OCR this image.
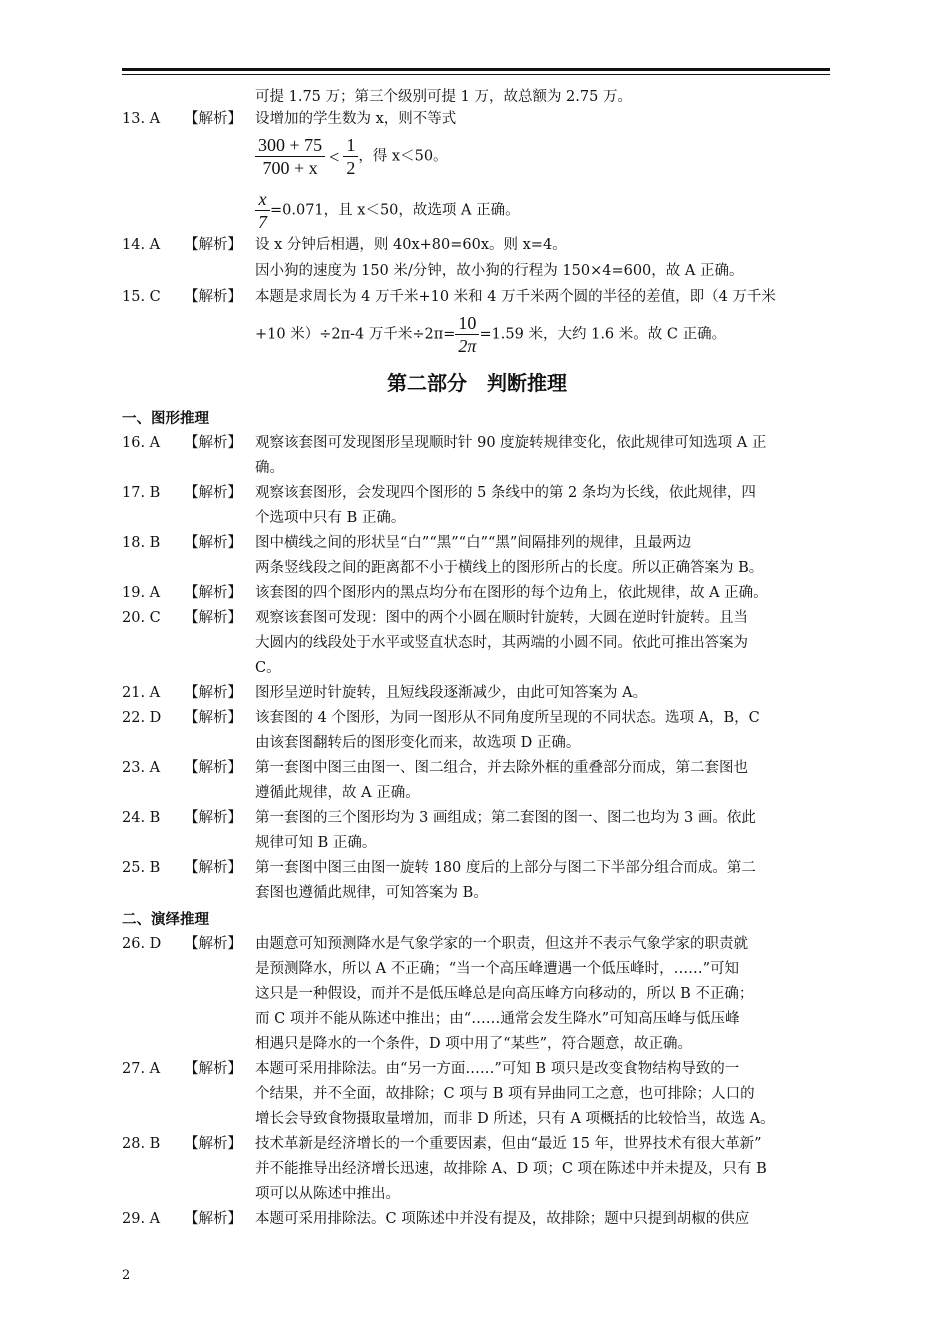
可提 1.75 万；第三个级别可提 1 万，故总额为 2.75 万。
13. A 【解析】 设增加的学生数为 x，则不等式
$\frac{300 + 75}{700 + x} < \frac{1}{2}$ ，得 x＜50。
$\frac{x}{7} =0.071$，且 x＜50，故选项 A 正确。
14. A 【解析】 设 x 分钟后相遇，则 40x+80=60x。则 x=4。
因小狗的速度为 150 米/分钟，故小狗的行程为 150×4=600，故 A 正确。
15. C 【解析】 本题是求周长为 4 万千米+10 米和 4 万千米两个圆的半径的差值，即（4 万千米
+10 米）÷2π-4 万千米$\div 2\pi= \frac{10}{2\pi} =1.59$ 米，大约 1.6 米。故 C 正确。
第二部分 判断推理
一、图形推理
16. A 【解析】 观察该套图可发现图形呈现顺时针 90 度旋转规律变化，依此规律可知选项 A 正
确。
17. B 【解析】 观察该套图形，会发现四个图形的 5 条线中的第 2 条均为长线，依此规律，四
个选项中只有 B 正确。
18. B 【解析】 图中横线之间的形状呈“白”“黑”“白”“黑”间隔排列的规律，且最两边
两条竖线段之间的距离都不小于横线上的图形所占的长度。所以正确答案为 B。
19. A 【解析】 该套图的四个图形内的黑点均分布在图形的每个边角上，依此规律，故 A 正确。
20. C 【解析】 观察该套图可发现：图中的两个小圆在顺时针旋转，大圆在逆时针旋转。且当
大圆内的线段处于水平或竖直状态时，其两端的小圆不同。依此可推出答案为
C。
21. A 【解析】 图形呈逆时针旋转，且短线段逐渐减少，由此可知答案为 A。
22. D 【解析】 该套图的 4 个图形，为同一图形从不同角度所呈现的不同状态。选项 A，B，C
由该套图翻转后的图形变化而来，故选项 D 正确。
23. A 【解析】 第一套图中图三由图一、图二组合，并去除外框的重叠部分而成，第二套图也
遵循此规律，故 A 正确。
24. B 【解析】 第一套图的三个图形均为 3 画组成；第二套图的图一、图二也均为 3 画。依此
规律可知 B 正确。
25. B 【解析】 第一套图中图三由图一旋转 180 度后的上部分与图二下半部分组合而成。第二
套图也遵循此规律，可知答案为 B。
二、演绎推理
26. D 【解析】 由题意可知预测降水是气象学家的一个职责，但这并不表示气象学家的职责就
是预测降水，所以 A 不正确；“当一个高压峰遭遇一个低压峰时，……”可知
这只是一种假设，而并不是低压峰总是向高压峰方向移动的，所以 B 不正确；
而 C 项并不能从陈述中推出；由“……通常会发生降水”可知高压峰与低压峰
相遇只是降水的一个条件，D 项中用了“某些”，符合题意，故正确。
27. A 【解析】 本题可采用排除法。由“另一方面……”可知 B 项只是改变食物结构导致的一
个结果，并不全面，故排除；C 项与 B 项有异曲同工之意，也可排除；人口的
增长会导致食物摄取量增加，而非 D 所述，只有 A 项概括的比较恰当，故选 A。
28. B 【解析】 技术革新是经济增长的一个重要因素，但由“最近 15 年，世界技术有很大革新”
并不能推导出经济增长迅速，故排除 A、D 项；C 项在陈述中并未提及，只有 B
项可以从陈述中推出。
29. A 【解析】 本题可采用排除法。C 项陈述中并没有提及，故排除；题中只提到胡椒的供应
2
